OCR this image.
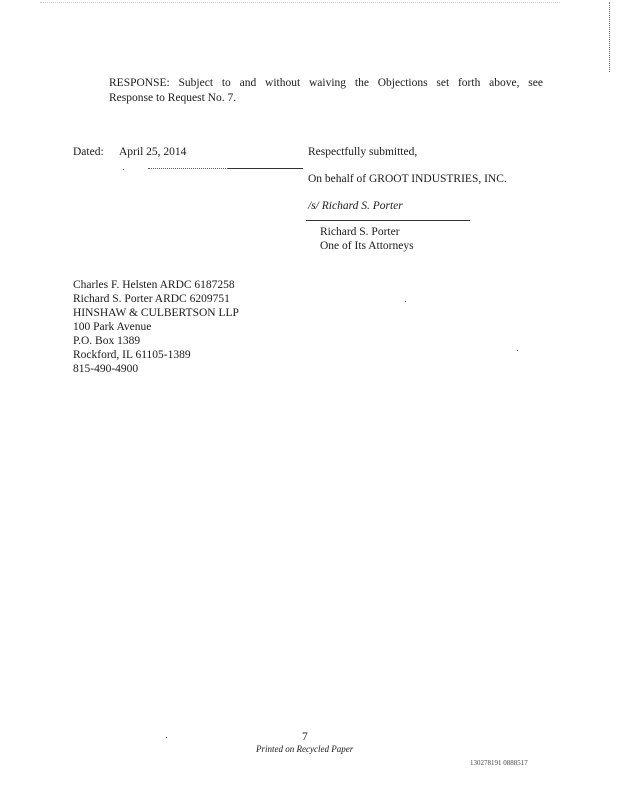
RESPONSE: Subject to and without waiving the Objections set forth above, see
Response to Request No. 7.
Dated: April 25, 2014	Respectfully submitted,
On behalf of GROOT INDUSTRIES, INC.
/s/ Richard S. Porter
Richard S. Porter
One of Its Attorneys
Charles F. Helsten ARDC 6187258
Richard S. Porter ARDC 6209751
HINSHAW & CULBERTSON LLP
100 Park Avenue
P.O. Box 1389
Rockford, IL 61105-1389
815-490-4900
7
Printed on Recycled Paper
130278191 0888517
